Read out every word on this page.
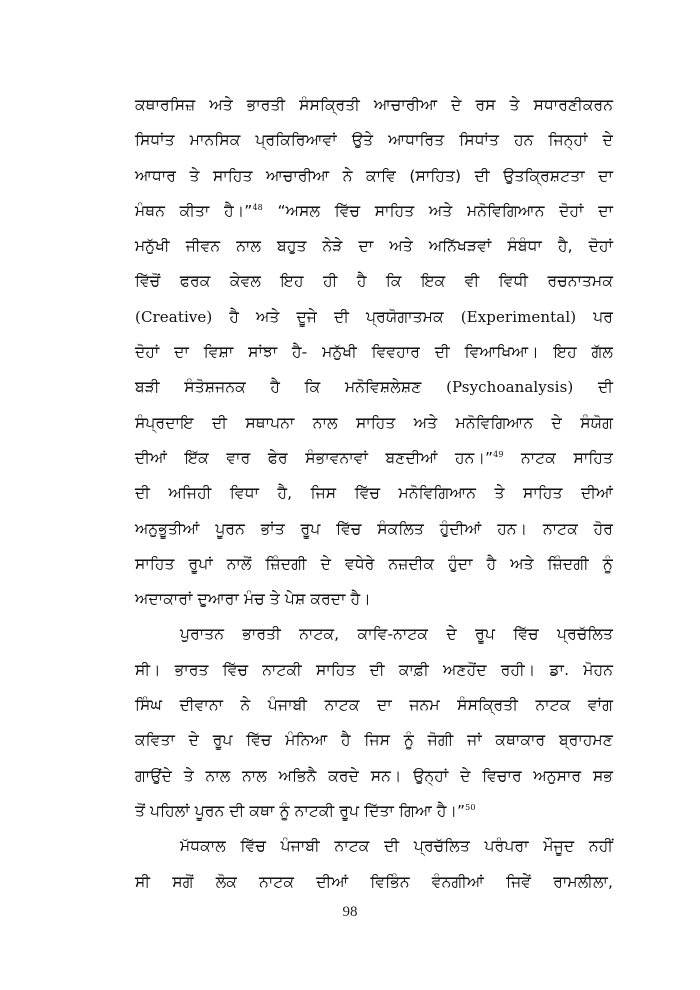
ਕਥਾਰਸਿਜ਼ ਅਤੇ ਭਾਰਤੀ ਸੰਸਕ੍ਰਿਤੀ ਆਚਾਰੀਆ ਦੇ ਰਸ ਤੇ ਸਧਾਰਣੀਕਰਨ
ਸਿਧਾਂਤ ਮਾਨਸਿਕ ਪ੍ਰਕਿਰਿਆਵਾਂ ਉਤੇ ਆਧਾਰਿਤ ਸਿਧਾਂਤ ਹਨ ਜਿਨ੍ਹਾਂ ਦੇ
ਆਧਾਰ ਤੇ ਸਾਹਿਤ ਆਚਾਰੀਆ ਨੇ ਕਾਵਿ (ਸਾਹਿਤ) ਦੀ ਉਤਕ੍ਰਿਸ਼ਟਤਾ ਦਾ
ਮੰਥਨ ਕੀਤਾ ਹੈ।”$^{48}$ “ਅਸਲ ਵਿੱਚ ਸਾਹਿਤ ਅਤੇ ਮਨੋਵਿਗਿਆਨ ਦੋਹਾਂ ਦਾ
ਮਨੁੱਖੀ ਜੀਵਨ ਨਾਲ ਬਹੁਤ ਨੇੜੇ ਦਾ ਅਤੇ ਅਨਿੱਖੜਵਾਂ ਸੰਬੰਧਾ ਹੈ, ਦੋਹਾਂ
ਵਿੱਚੋਂ ਫਰਕ ਕੇਵਲ ਇਹ ਹੀ ਹੈ ਕਿ ਇਕ ਵੀ ਵਿਧੀ ਰਚਨਾਤਮਕ
(Creative) ਹੈ ਅਤੇ ਦੂਜੇ ਦੀ ਪ੍ਰਯੋਗਾਤਮਕ (Experimental) ਪਰ
ਦੋਹਾਂ ਦਾ ਵਿਸ਼ਾ ਸਾਂਝਾ ਹੈ- ਮਨੁੱਖੀ ਵਿਵਹਾਰ ਦੀ ਵਿਆਖਿਆ। ਇਹ ਗੱਲ
ਬੜੀ ਸੰਤੋਸ਼ਜਨਕ ਹੈ ਕਿ ਮਨੋਵਿਸ਼ਲੇਸ਼ਣ (Psychoanalysis) ਦੀ
ਸੰਪ੍ਰਦਾਇ ਦੀ ਸਥਾਪਨਾ ਨਾਲ ਸਾਹਿਤ ਅਤੇ ਮਨੋਵਿਗਿਆਨ ਦੇ ਸੰਯੋਗ
ਦੀਆਂ ਇੱਕ ਵਾਰ ਫੇਰ ਸੰਭਾਵਨਾਵਾਂ ਬਣਦੀਆਂ ਹਨ।”$^{49}$ ਨਾਟਕ ਸਾਹਿਤ
ਦੀ ਅਜਿਹੀ ਵਿਧਾ ਹੈ, ਜਿਸ ਵਿੱਚ ਮਨੋਵਿਗਿਆਨ ਤੇ ਸਾਹਿਤ ਦੀਆਂ
ਅਨੁਭੂਤੀਆਂ ਪੂਰਨ ਭਾਂਤ ਰੂਪ ਵਿੱਚ ਸੰਕਲਿਤ ਹੁੰਦੀਆਂ ਹਨ। ਨਾਟਕ ਹੋਰ
ਸਾਹਿਤ ਰੂਪਾਂ ਨਾਲੋਂ ਜ਼ਿੰਦਗੀ ਦੇ ਵਧੇਰੇ ਨਜ਼ਦੀਕ ਹੁੰਦਾ ਹੈ ਅਤੇ ਜ਼ਿੰਦਗੀ ਨੂੰ
ਅਦਾਕਾਰਾਂ ਦੁਆਰਾ ਮੰਚ ਤੇ ਪੇਸ਼ ਕਰਦਾ ਹੈ।
ਪੁਰਾਤਨ ਭਾਰਤੀ ਨਾਟਕ, ਕਾਵਿ-ਨਾਟਕ ਦੇ ਰੂਪ ਵਿੱਚ ਪ੍ਰਚੱਲਿਤ
ਸੀ। ਭਾਰਤ ਵਿੱਚ ਨਾਟਕੀ ਸਾਹਿਤ ਦੀ ਕਾਫ਼ੀ ਅਣਹੋਂਦ ਰਹੀ। ਡਾ. ਮੋਹਨ
ਸਿੰਘ ਦੀਵਾਨਾ ਨੇ ਪੰਜਾਬੀ ਨਾਟਕ ਦਾ ਜਨਮ ਸੰਸਕ੍ਰਿਤੀ ਨਾਟਕ ਵਾਂਗ
ਕਵਿਤਾ ਦੇ ਰੂਪ ਵਿੱਚ ਮੰਨਿਆ ਹੈ ਜਿਸ ਨੂੰ ਜੋਗੀ ਜਾਂ ਕਥਾਕਾਰ ਬ੍ਰਾਹਮਣ
ਗਾਉਂਦੇ ਤੇ ਨਾਲ ਨਾਲ ਅਭਿਨੈ ਕਰਦੇ ਸਨ। ਉਨ੍ਹਾਂ ਦੇ ਵਿਚਾਰ ਅਨੁਸਾਰ ਸਭ
ਤੋਂ ਪਹਿਲਾਂ ਪੂਰਨ ਦੀ ਕਥਾ ਨੂੰ ਨਾਟਕੀ ਰੂਪ ਦਿੱਤਾ ਗਿਆ ਹੈ।”$^{50}$
ਮੱਧਕਾਲ ਵਿੱਚ ਪੰਜਾਬੀ ਨਾਟਕ ਦੀ ਪ੍ਰਚੱਲਿਤ ਪਰੰਪਰਾ ਮੌਜੂਦ ਨਹੀਂ
ਸੀ ਸਗੋਂ ਲੋਕ ਨਾਟਕ ਦੀਆਂ ਵਿਭਿੰਨ ਵੰਨਗੀਆਂ ਜਿਵੇਂ ਰਾਮਲੀਲਾ,
98
